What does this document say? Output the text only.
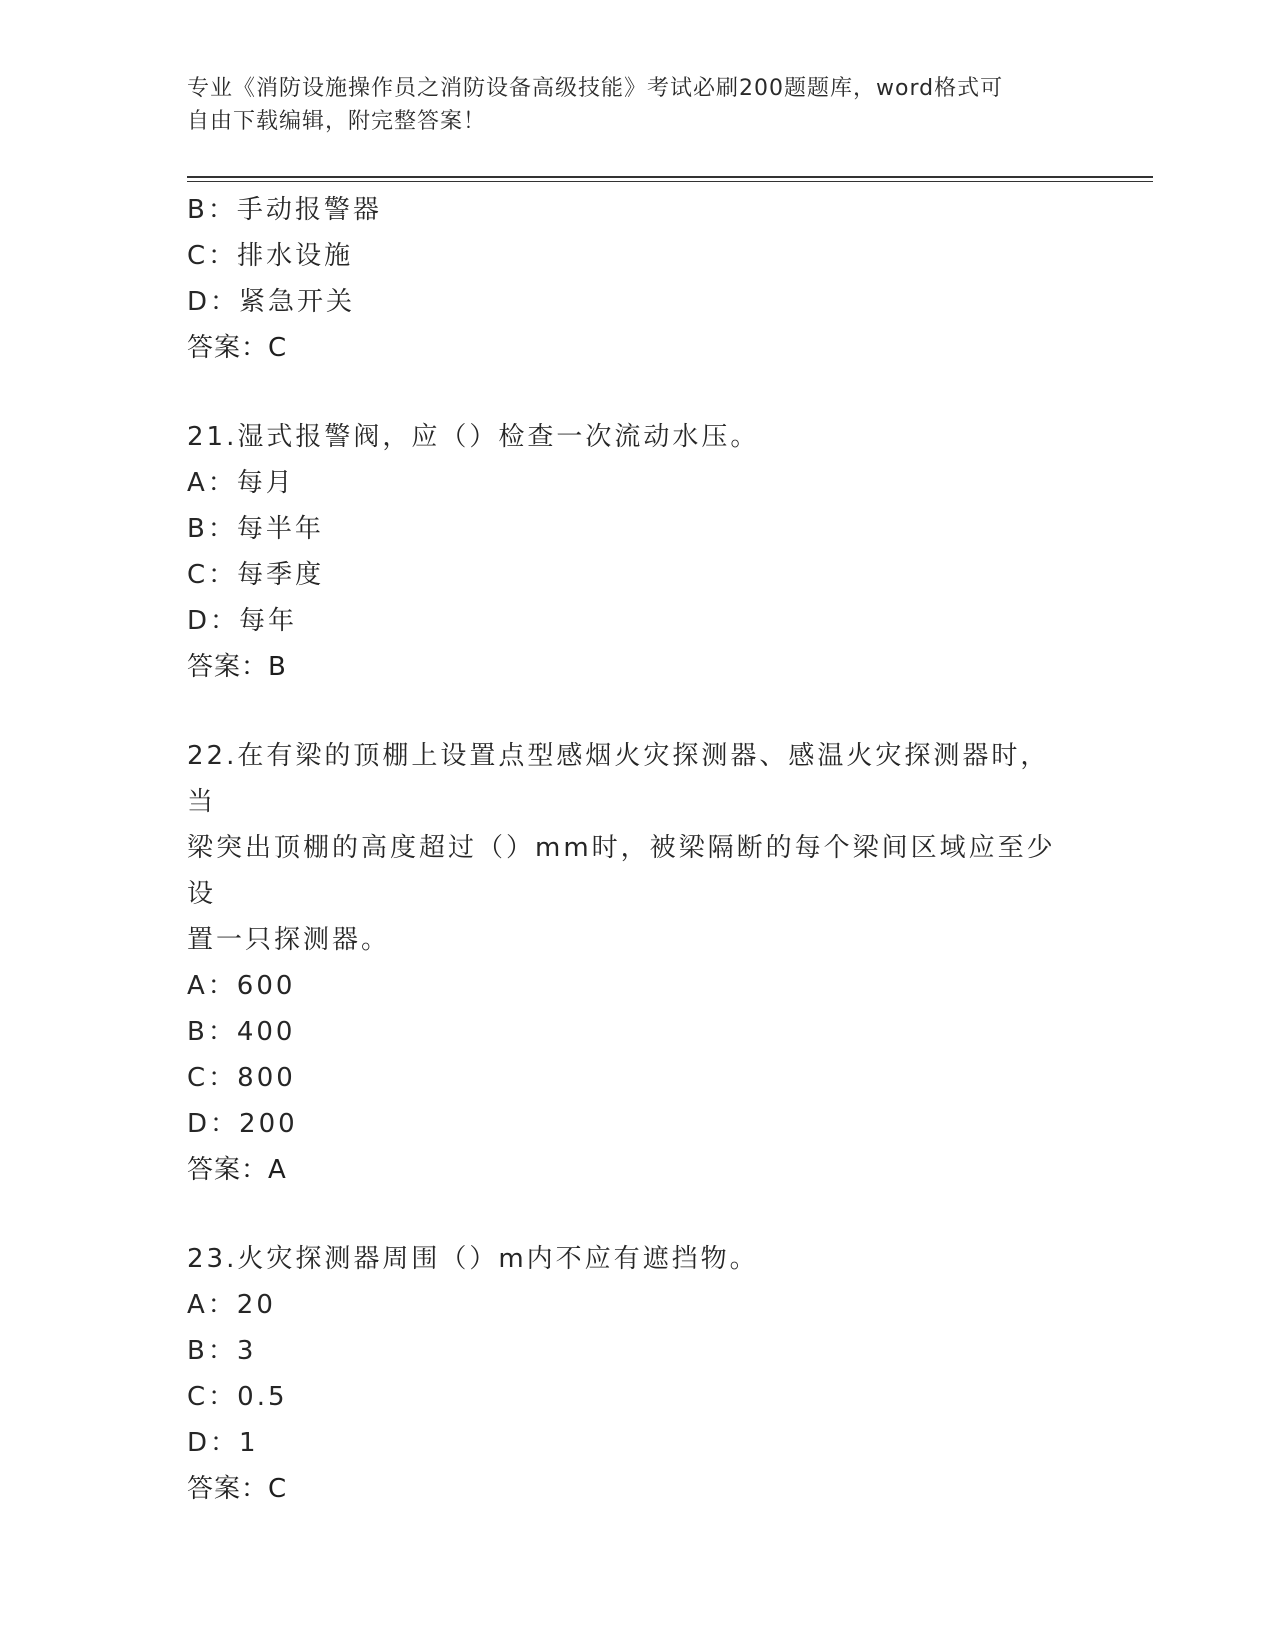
专业《消防设施操作员之消防设备高级技能》考试必刷200题题库，word格式可
自由下载编辑，附完整答案！
B：手动报警器
C：排水设施
D：紧急开关
答案：C
21.湿式报警阀，应（）检查一次流动水压。
A：每月
B：每半年
C：每季度
D：每年
答案：B
22.在有梁的顶棚上设置点型感烟火灾探测器、感温火灾探测器时，当
梁突出顶棚的高度超过（）mm时，被梁隔断的每个梁间区域应至少设
置一只探测器。
A：600
B：400
C：800
D：200
答案：A
23.火灾探测器周围（）m内不应有遮挡物。
A：20
B：3
C：0.5
D：1
答案：C
